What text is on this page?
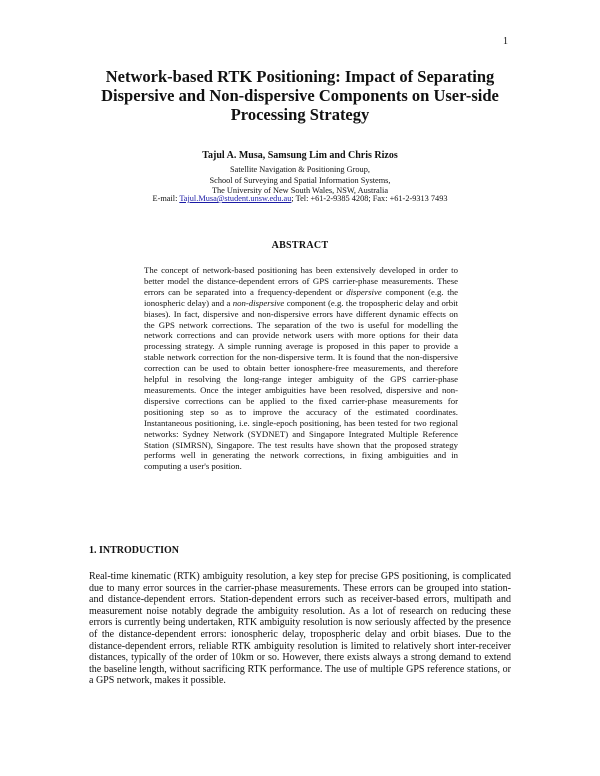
1
Network-based RTK Positioning: Impact of Separating Dispersive and Non-dispersive Components on User-side Processing Strategy
Tajul A. Musa, Samsung Lim and Chris Rizos
Satellite Navigation & Positioning Group,
School of Surveying and Spatial Information Systems,
The University of New South Wales, NSW, Australia
E-mail: Tajul.Musa@student.unsw.edu.au; Tel: +61-2-9385 4208; Fax: +61-2-9313 7493
ABSTRACT

The concept of network-based positioning has been extensively developed in order to better model the distance-dependent errors of GPS carrier-phase measurements. These errors can be separated into a frequency-dependent or dispersive component (e.g. the ionospheric delay) and a non-dispersive component (e.g. the tropospheric delay and orbit biases). In fact, dispersive and non-dispersive errors have different dynamic effects on the GPS network corrections. The separation of the two is useful for modelling the network corrections and can provide network users with more options for their data processing strategy. A simple running average is proposed in this paper to provide a stable network correction for the non-dispersive term. It is found that the non-dispersive correction can be used to obtain better ionosphere-free measurements, and therefore helpful in resolving the long-range integer ambiguity of the GPS carrier-phase measurements. Once the integer ambiguities have been resolved, dispersive and non-dispersive corrections can be applied to the fixed carrier-phase measurements for positioning step so as to improve the accuracy of the estimated coordinates. Instantaneous positioning, i.e. single-epoch positioning, has been tested for two regional networks: Sydney Network (SYDNET) and Singapore Integrated Multiple Reference Station (SIMRSN), Singapore. The test results have shown that the proposed strategy performs well in generating the network corrections, in fixing ambiguities and in computing a user's position.

1. INTRODUCTION

Real-time kinematic (RTK) ambiguity resolution, a key step for precise GPS positioning, is complicated due to many error sources in the carrier-phase measurements. These errors can be grouped into station- and distance-dependent errors. Station-dependent errors such as receiver-based errors, multipath and measurement noise notably degrade the ambiguity resolution. As a lot of research on reducing these errors is currently being undertaken, RTK ambiguity resolution is now seriously affected by the presence of the distance-dependent errors: ionospheric delay, tropospheric delay and orbit biases. Due to the distance-dependent errors, reliable RTK ambiguity resolution is limited to relatively short inter-receiver distances, typically of the order of 10km or so. However, there exists always a strong demand to extend the baseline length, without sacrificing RTK performance. The use of multiple GPS reference stations, or a GPS network, makes it possible.
